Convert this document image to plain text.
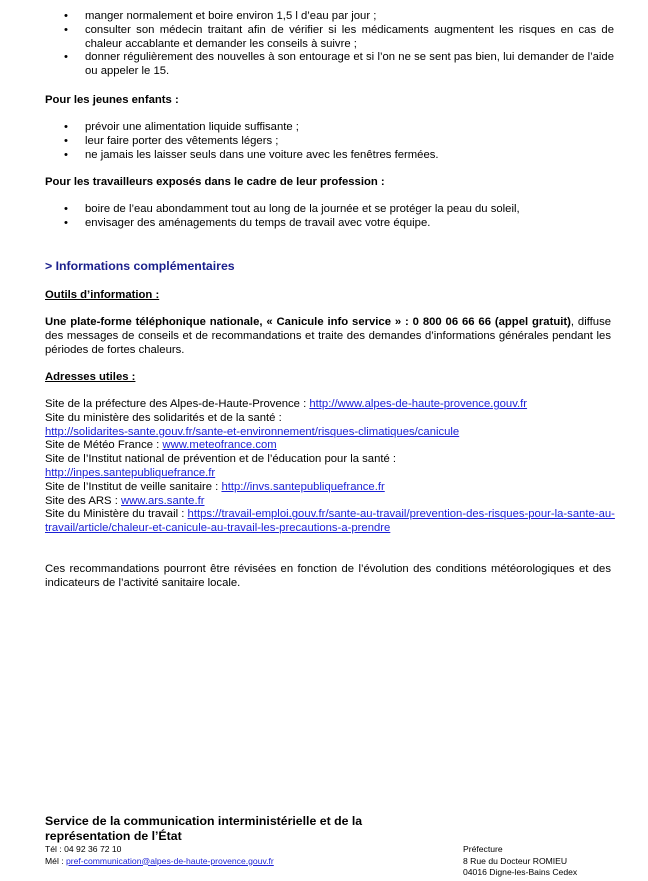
• manger normalement et boire environ 1,5 l d’eau par jour ;
• consulter son médecin traitant afin de vérifier si les médicaments augmentent les risques en cas de chaleur accablante et demander les conseils à suivre ;
• donner régulièrement des nouvelles à son entourage et si l’on ne se sent pas bien, lui demander de l’aide ou appeler le 15.
Pour les jeunes enfants :
• prévoir une alimentation liquide suffisante ;
• leur faire porter des vêtements légers ;
• ne jamais les laisser seuls dans une voiture avec les fenêtres fermées.
Pour les travailleurs exposés dans le cadre de leur profession :
• boire de l’eau abondamment tout au long de la journée et se protéger la peau du soleil,
• envisager des aménagements du temps de travail avec votre équipe.
> Informations complémentaires
Outils d’information :
Une plate-forme téléphonique nationale, « Canicule info service » : 0 800 06 66 66 (appel gratuit), diffuse des messages de conseils et de recommandations et traite des demandes d’informations générales pendant les périodes de fortes chaleurs.
Adresses utiles :
Site de la préfecture des Alpes-de-Haute-Provence : http://www.alpes-de-haute-provence.gouv.fr
Site du ministère des solidarités et de la santé :
http://solidarites-sante.gouv.fr/sante-et-environnement/risques-climatiques/canicule
Site de Météo France : www.meteofrance.com
Site de l’Institut national de prévention et de l’éducation pour la santé :
http://inpes.santepubliquefrance.fr
Site de l’Institut de veille sanitaire : http://invs.santepubliquefrance.fr
Site des ARS : www.ars.sante.fr
Site du Ministère du travail : https://travail-emploi.gouv.fr/sante-au-travail/prevention-des-risques-pour-la-sante-au-travail/article/chaleur-et-canicule-au-travail-les-precautions-a-prendre
Ces recommandations pourront être révisées en fonction de l’évolution des conditions météorologiques et des indicateurs de l’activité sanitaire locale.
Service de la communication interministérielle et de la représentation de l’État
Tél : 04 92 36 72 10
Mél : pref-communication@alpes-de-haute-provence.gouv.fr
Préfecture
8 Rue du Docteur ROMIEU
04016 Digne-les-Bains Cedex
